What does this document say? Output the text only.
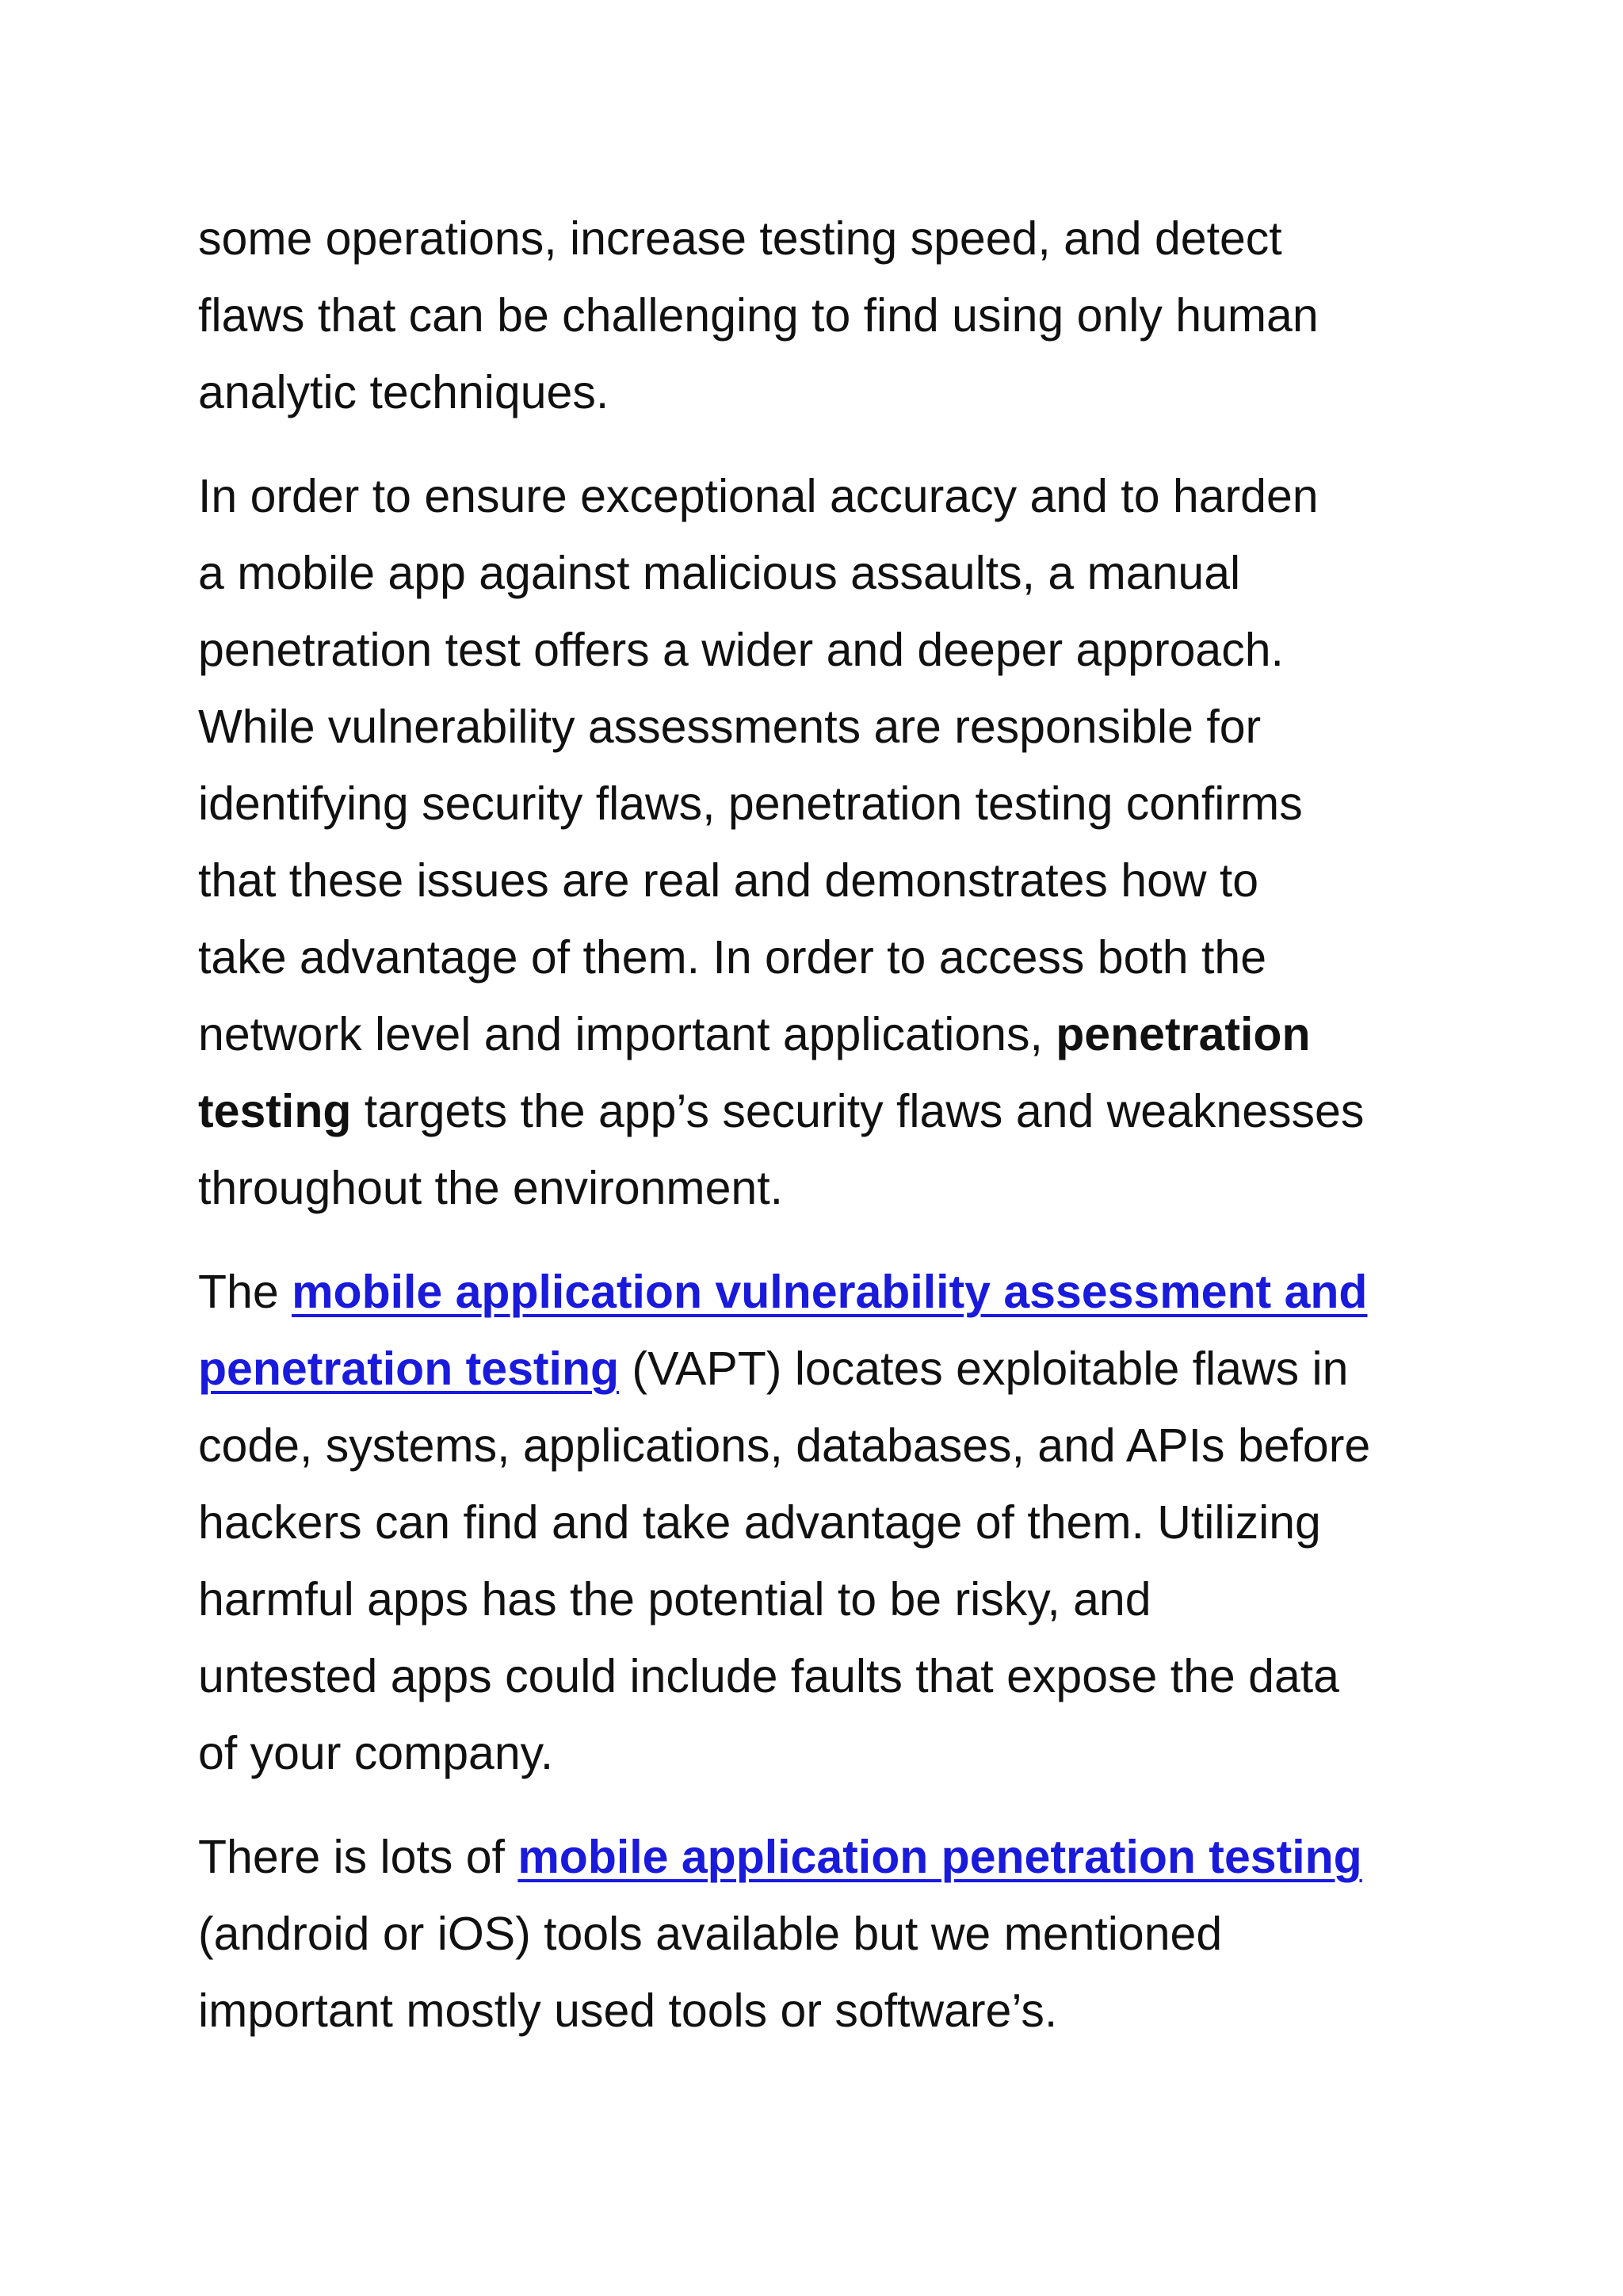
some operations, increase testing speed, and detect
flaws that can be challenging to find using only human
analytic techniques.

In order to ensure exceptional accuracy and to harden
a mobile app against malicious assaults, a manual
penetration test offers a wider and deeper approach.
While vulnerability assessments are responsible for
identifying security flaws, penetration testing confirms
that these issues are real and demonstrates how to
take advantage of them. In order to access both the
network level and important applications, penetration
testing targets the app’s security flaws and weaknesses
throughout the environment.

The mobile application vulnerability assessment and
penetration testing (VAPT) locates exploitable flaws in
code, systems, applications, databases, and APIs before
hackers can find and take advantage of them. Utilizing
harmful apps has the potential to be risky, and
untested apps could include faults that expose the data
of your company.

There is lots of mobile application penetration testing
(android or iOS) tools available but we mentioned
important mostly used tools or software’s.
